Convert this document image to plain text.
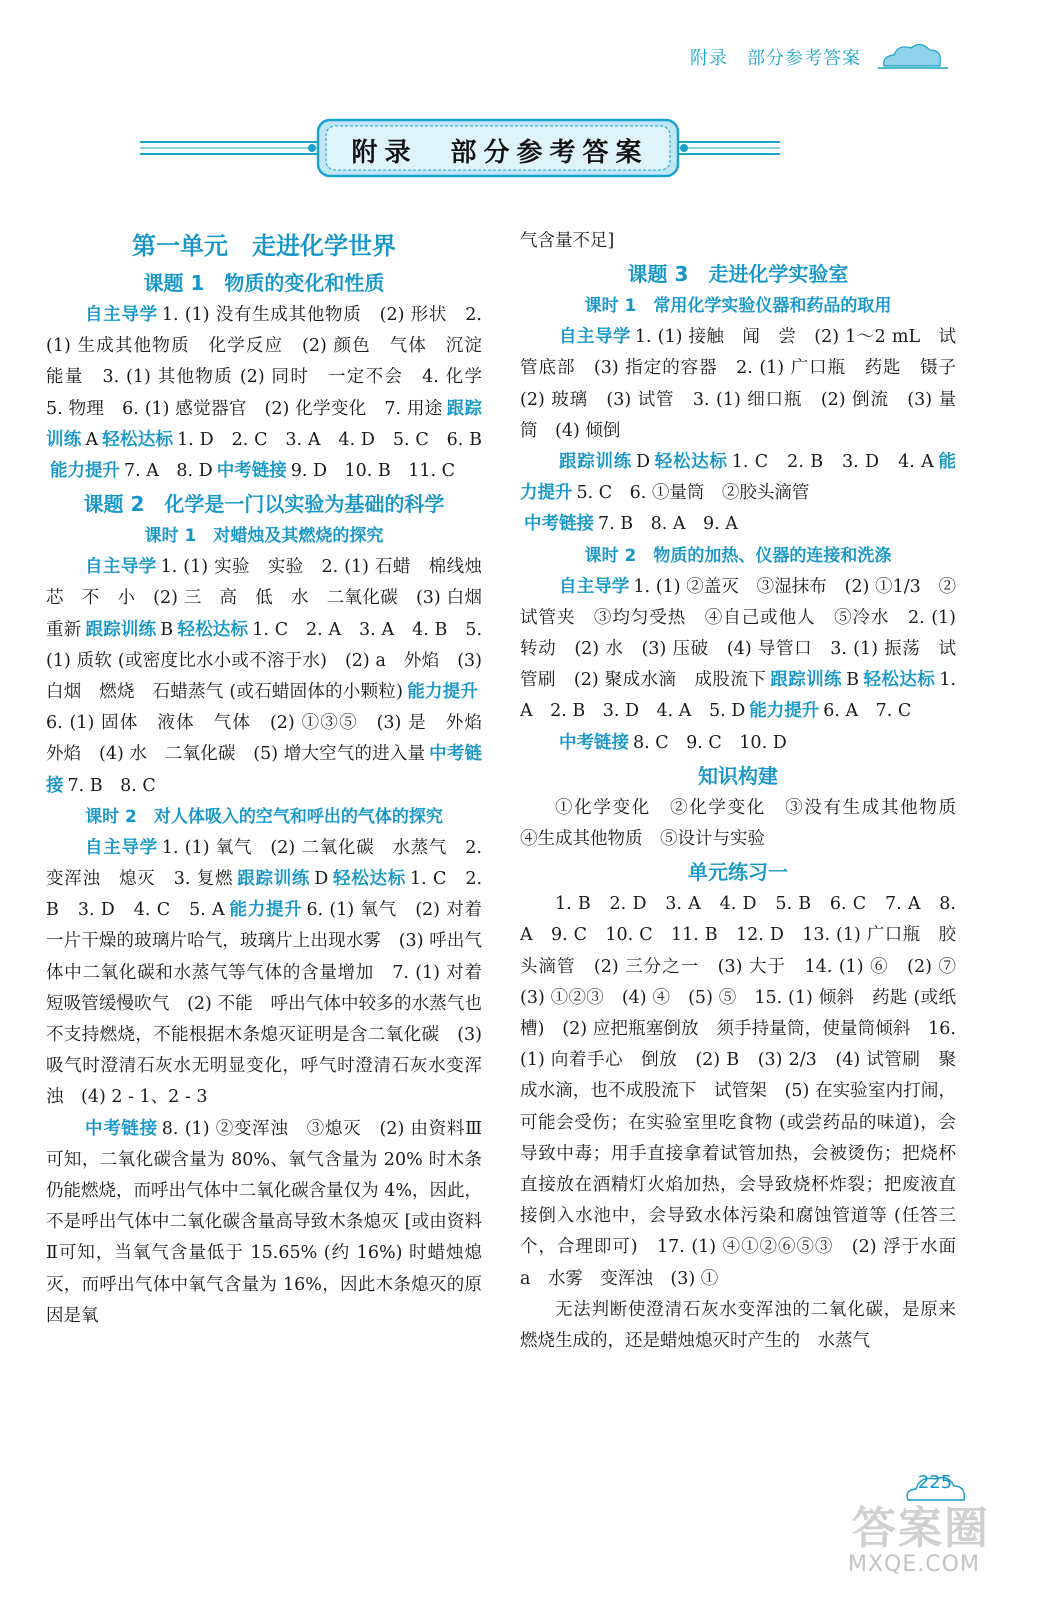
附录　部分参考答案
附录　部分参考答案
第一单元　走进化学世界
课题 1　物质的变化和性质
自主导学 1. (1) 没有生成其他物质　(2) 形状　2. (1) 生成其他物质　化学反应　(2) 颜色　气体　沉淀　能量　3. (1) 其他物质 (2) 同时　一定不会　4. 化学　5. 物理　6. (1) 感觉器官　(2) 化学变化　7. 用途 跟踪训练 A 轻松达标 1. D　2. C　3. A　4. D　5. C　6. B能力提升 7. A　8. D 中考链接 9. D　10. B　11. C
课题 2　化学是一门以实验为基础的科学
课时 1　对蜡烛及其燃烧的探究
自主导学 1. (1) 实验　实验　2. (1) 石蜡　棉线烛芯　不　小　(2) 三　高　低　水　二氧化碳　(3) 白烟　重新 跟踪训练 B 轻松达标 1. C　2. A　3. A　4. B　5. (1) 质软 (或密度比水小或不溶于水)　(2) a　外焰　(3) 白烟　燃烧　石蜡蒸气 (或石蜡固体的小颗粒) 能力提升6. (1) 固体　液体　气体　(2) ①③⑤　(3) 是　外焰　外焰　(4) 水　二氧化碳　(5) 增大空气的进入量 中考链接 7. B　8. C
课时 2　对人体吸入的空气和呼出的气体的探究
自主导学 1. (1) 氧气　(2) 二氧化碳　水蒸气　2. 变浑浊　熄灭　3. 复燃 跟踪训练 D 轻松达标 1. C　2. B　3. D　4. C　5. A 能力提升 6. (1) 氧气　(2) 对着一片干燥的玻璃片哈气，玻璃片上出现水雾　(3) 呼出气体中二氧化碳和水蒸气等气体的含量增加　7. (1) 对着短吸管缓慢吹气　(2) 不能　呼出气体中较多的水蒸气也不支持燃烧，不能根据木条熄灭证明是含二氧化碳　(3) 吸气时澄清石灰水无明显变化，呼气时澄清石灰水变浑浊　(4) 2 - 1、2 - 3
中考链接 8. (1) ②变浑浊　③熄灭　(2) 由资料Ⅲ可知，二氧化碳含量为 80%、氧气含量为 20% 时木条仍能燃烧，而呼出气体中二氧化碳含量仅为 4%，因此，不是呼出气体中二氧化碳含量高导致木条熄灭 [或由资料Ⅱ可知，当氧气含量低于 15.65% (约 16%) 时蜡烛熄灭，而呼出气体中氧气含量为 16%，因此木条熄灭的原因是氧
气含量不足]
课题 3　走进化学实验室
课时 1　常用化学实验仪器和药品的取用
自主导学 1. (1) 接触　闻　尝　(2) 1～2 mL　试管底部　(3) 指定的容器　2. (1) 广口瓶　药匙　镊子　(2) 玻璃　(3) 试管　3. (1) 细口瓶　(2) 倒流　(3) 量筒　(4) 倾倒
跟踪训练 D 轻松达标 1. C　2. B　3. D　4. A 能力提升 5. C　6. ①量筒　②胶头滴管
中考链接 7. B　8. A　9. A
课时 2　物质的加热、仪器的连接和洗涤
自主导学 1. (1) ②盖灭　③湿抹布　(2) ①1/3　②试管夹　③均匀受热　④自己或他人　⑤冷水　2. (1) 转动　(2) 水　(3) 压破　(4) 导管口　3. (1) 振荡　试管刷　(2) 聚成水滴　成股流下 跟踪训练 B 轻松达标 1. A　2. B　3. D　4. A　5. D 能力提升 6. A　7. C
中考链接 8. C　9. C　10. D
知识构建
①化学变化　②化学变化　③没有生成其他物质　④生成其他物质　⑤设计与实验
单元练习一
1. B　2. D　3. A　4. D　5. B　6. C　7. A　8. A　9. C　10. C　11. B　12. D　13. (1) 广口瓶　胶头滴管　(2) 三分之一　(3) 大于　14. (1) ⑥　(2) ⑦　(3) ①②③　(4) ④　(5) ⑤　15. (1) 倾斜　药匙 (或纸槽)　(2) 应把瓶塞倒放　须手持量筒，使量筒倾斜　16. (1) 向着手心　倒放　(2) B　(3) 2/3　(4) 试管刷　聚成水滴，也不成股流下　试管架　(5) 在实验室内打闹，可能会受伤；在实验室里吃食物 (或尝药品的味道)，会导致中毒；用手直接拿着试管加热，会被烫伤；把烧杯直接放在酒精灯火焰加热，会导致烧杯炸裂；把废液直接倒入水池中，会导致水体污染和腐蚀管道等 (任答三个，合理即可)　17. (1) ④①②⑥⑤③　(2) 浮于水面　a　水雾　变浑浊　(3) ①
无法判断使澄清石灰水变浑浊的二氧化碳，是原来燃烧生成的，还是蜡烛熄灭时产生的　水蒸气
225
答案圈
MXQE.COM
